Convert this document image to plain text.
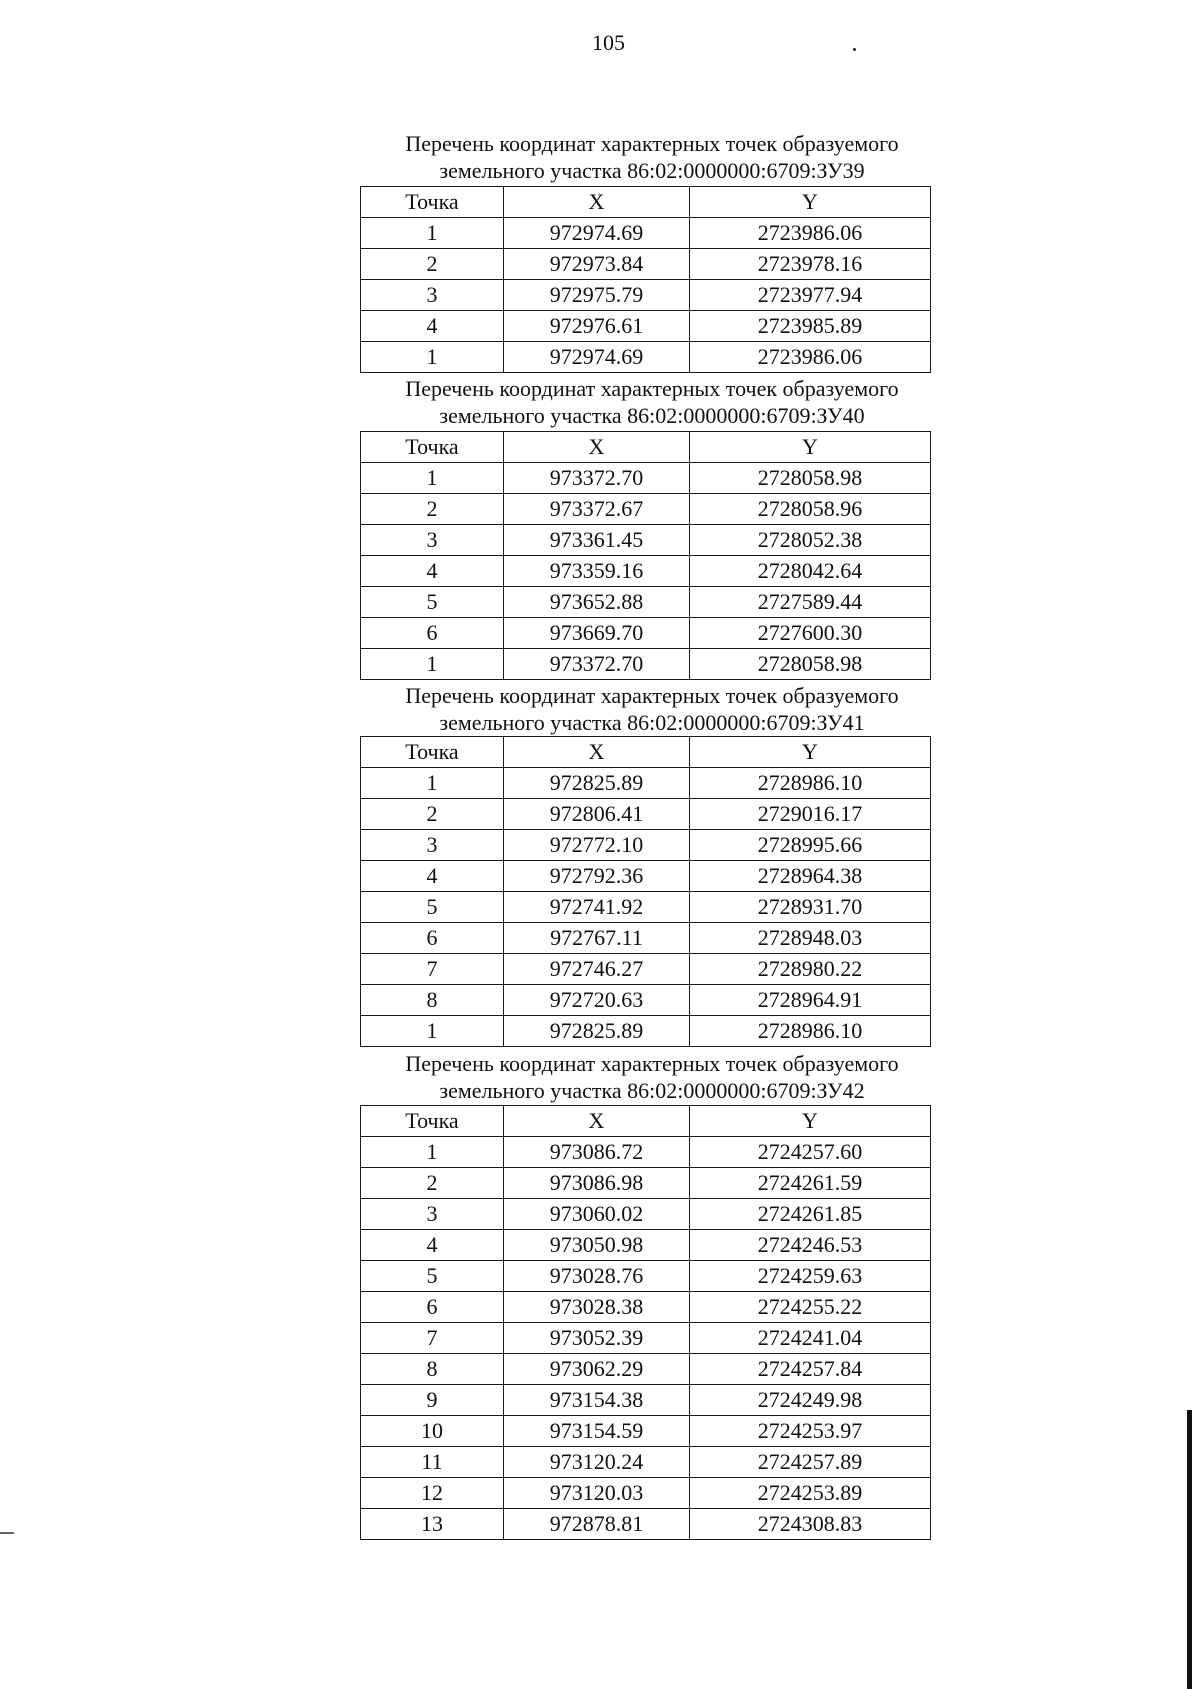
105
Перечень координат характерных точек образуемого
земельного участка 86:02:0000000:6709:ЗУ39
Точка	X	Y
1	972974.69	2723986.06
2	972973.84	2723978.16
3	972975.79	2723977.94
4	972976.61	2723985.89
1	972974.69	2723986.06
Перечень координат характерных точек образуемого
земельного участка 86:02:0000000:6709:ЗУ40
Точка	X	Y
1	973372.70	2728058.98
2	973372.67	2728058.96
3	973361.45	2728052.38
4	973359.16	2728042.64
5	973652.88	2727589.44
6	973669.70	2727600.30
1	973372.70	2728058.98
Перечень координат характерных точек образуемого
земельного участка 86:02:0000000:6709:ЗУ41
Точка	X	Y
1	972825.89	2728986.10
2	972806.41	2729016.17
3	972772.10	2728995.66
4	972792.36	2728964.38
5	972741.92	2728931.70
6	972767.11	2728948.03
7	972746.27	2728980.22
8	972720.63	2728964.91
1	972825.89	2728986.10
Перечень координат характерных точек образуемого
земельного участка 86:02:0000000:6709:ЗУ42
Точка	X	Y
1	973086.72	2724257.60
2	973086.98	2724261.59
3	973060.02	2724261.85
4	973050.98	2724246.53
5	973028.76	2724259.63
6	973028.38	2724255.22
7	973052.39	2724241.04
8	973062.29	2724257.84
9	973154.38	2724249.98
10	973154.59	2724253.97
11	973120.24	2724257.89
12	973120.03	2724253.89
13	972878.81	2724308.83
